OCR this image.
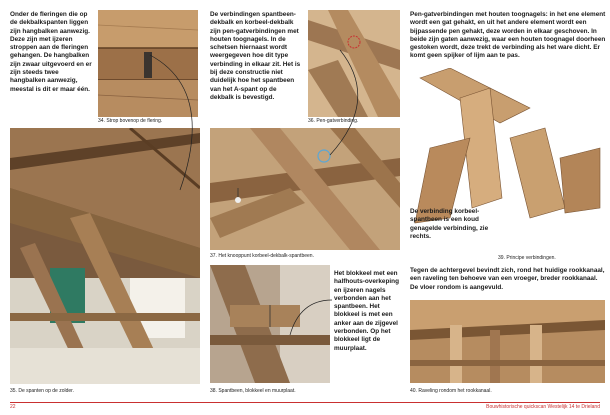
Onder de fleringen die op de dekbalkspanten liggen zijn hangbalken aanwezig. Deze zijn met ijzeren stroppen aan de fleringen gehangen. De hangbalken zijn zwaar uitgevoerd en er zijn steeds twee hangbalken aanwezig, meestal is dit er maar één.
34. Strop bovenop de flering.
35. De spanten op de zolder.
De verbindingen spantbeen-dekbalk en korbeel-dekbalk zijn pen-gatverbindingen met houten toognagels. In de schetsen hiernaast wordt weergegeven hoe dit type verbinding in elkaar zit. Het is bij deze constructie niet duidelijk hoe het spantbeen van het A-spant op de dekbalk is bevestigd.
36. Pen-gatverbinding.
37. Het knooppunt korbeel-dekbalk-spantbeen.
38. Spantbeen, blokkeel en muurplaat.
Het blokkeel met een halfhouts-overkeping en ijzeren nagels verbonden aan het spantbeen. Het blokkeel is met een anker aan de zijgevel verbonden. Op het blokkeel ligt de muurplaat.
Pen-gatverbindingen met houten toognagels: in het ene element wordt een gat gehakt, en uit het andere element wordt een bijpassende pen gehakt, deze worden in elkaar geschoven. In beide zijn gaten aanwezig, waar een houten toognagel doorheen gestoken wordt, deze trekt de verbinding als het ware dicht. Er komt geen spijker of lijm aan te pas.
De verbinding korbeel-spantbeen is een koud genagelde verbinding, zie rechts.
39. Principe verbindingen.
Tegen de achtergevel bevindt zich, rond het huidige rookkanaal, een raveling ten behoeve van een vroeger, breder rookkanaal. De vloer rondom is aangevuld.
40. Raveling rondom het rookkanaal.
22	Bouwhistorische quickscan Westelijk 14 te Drieland
